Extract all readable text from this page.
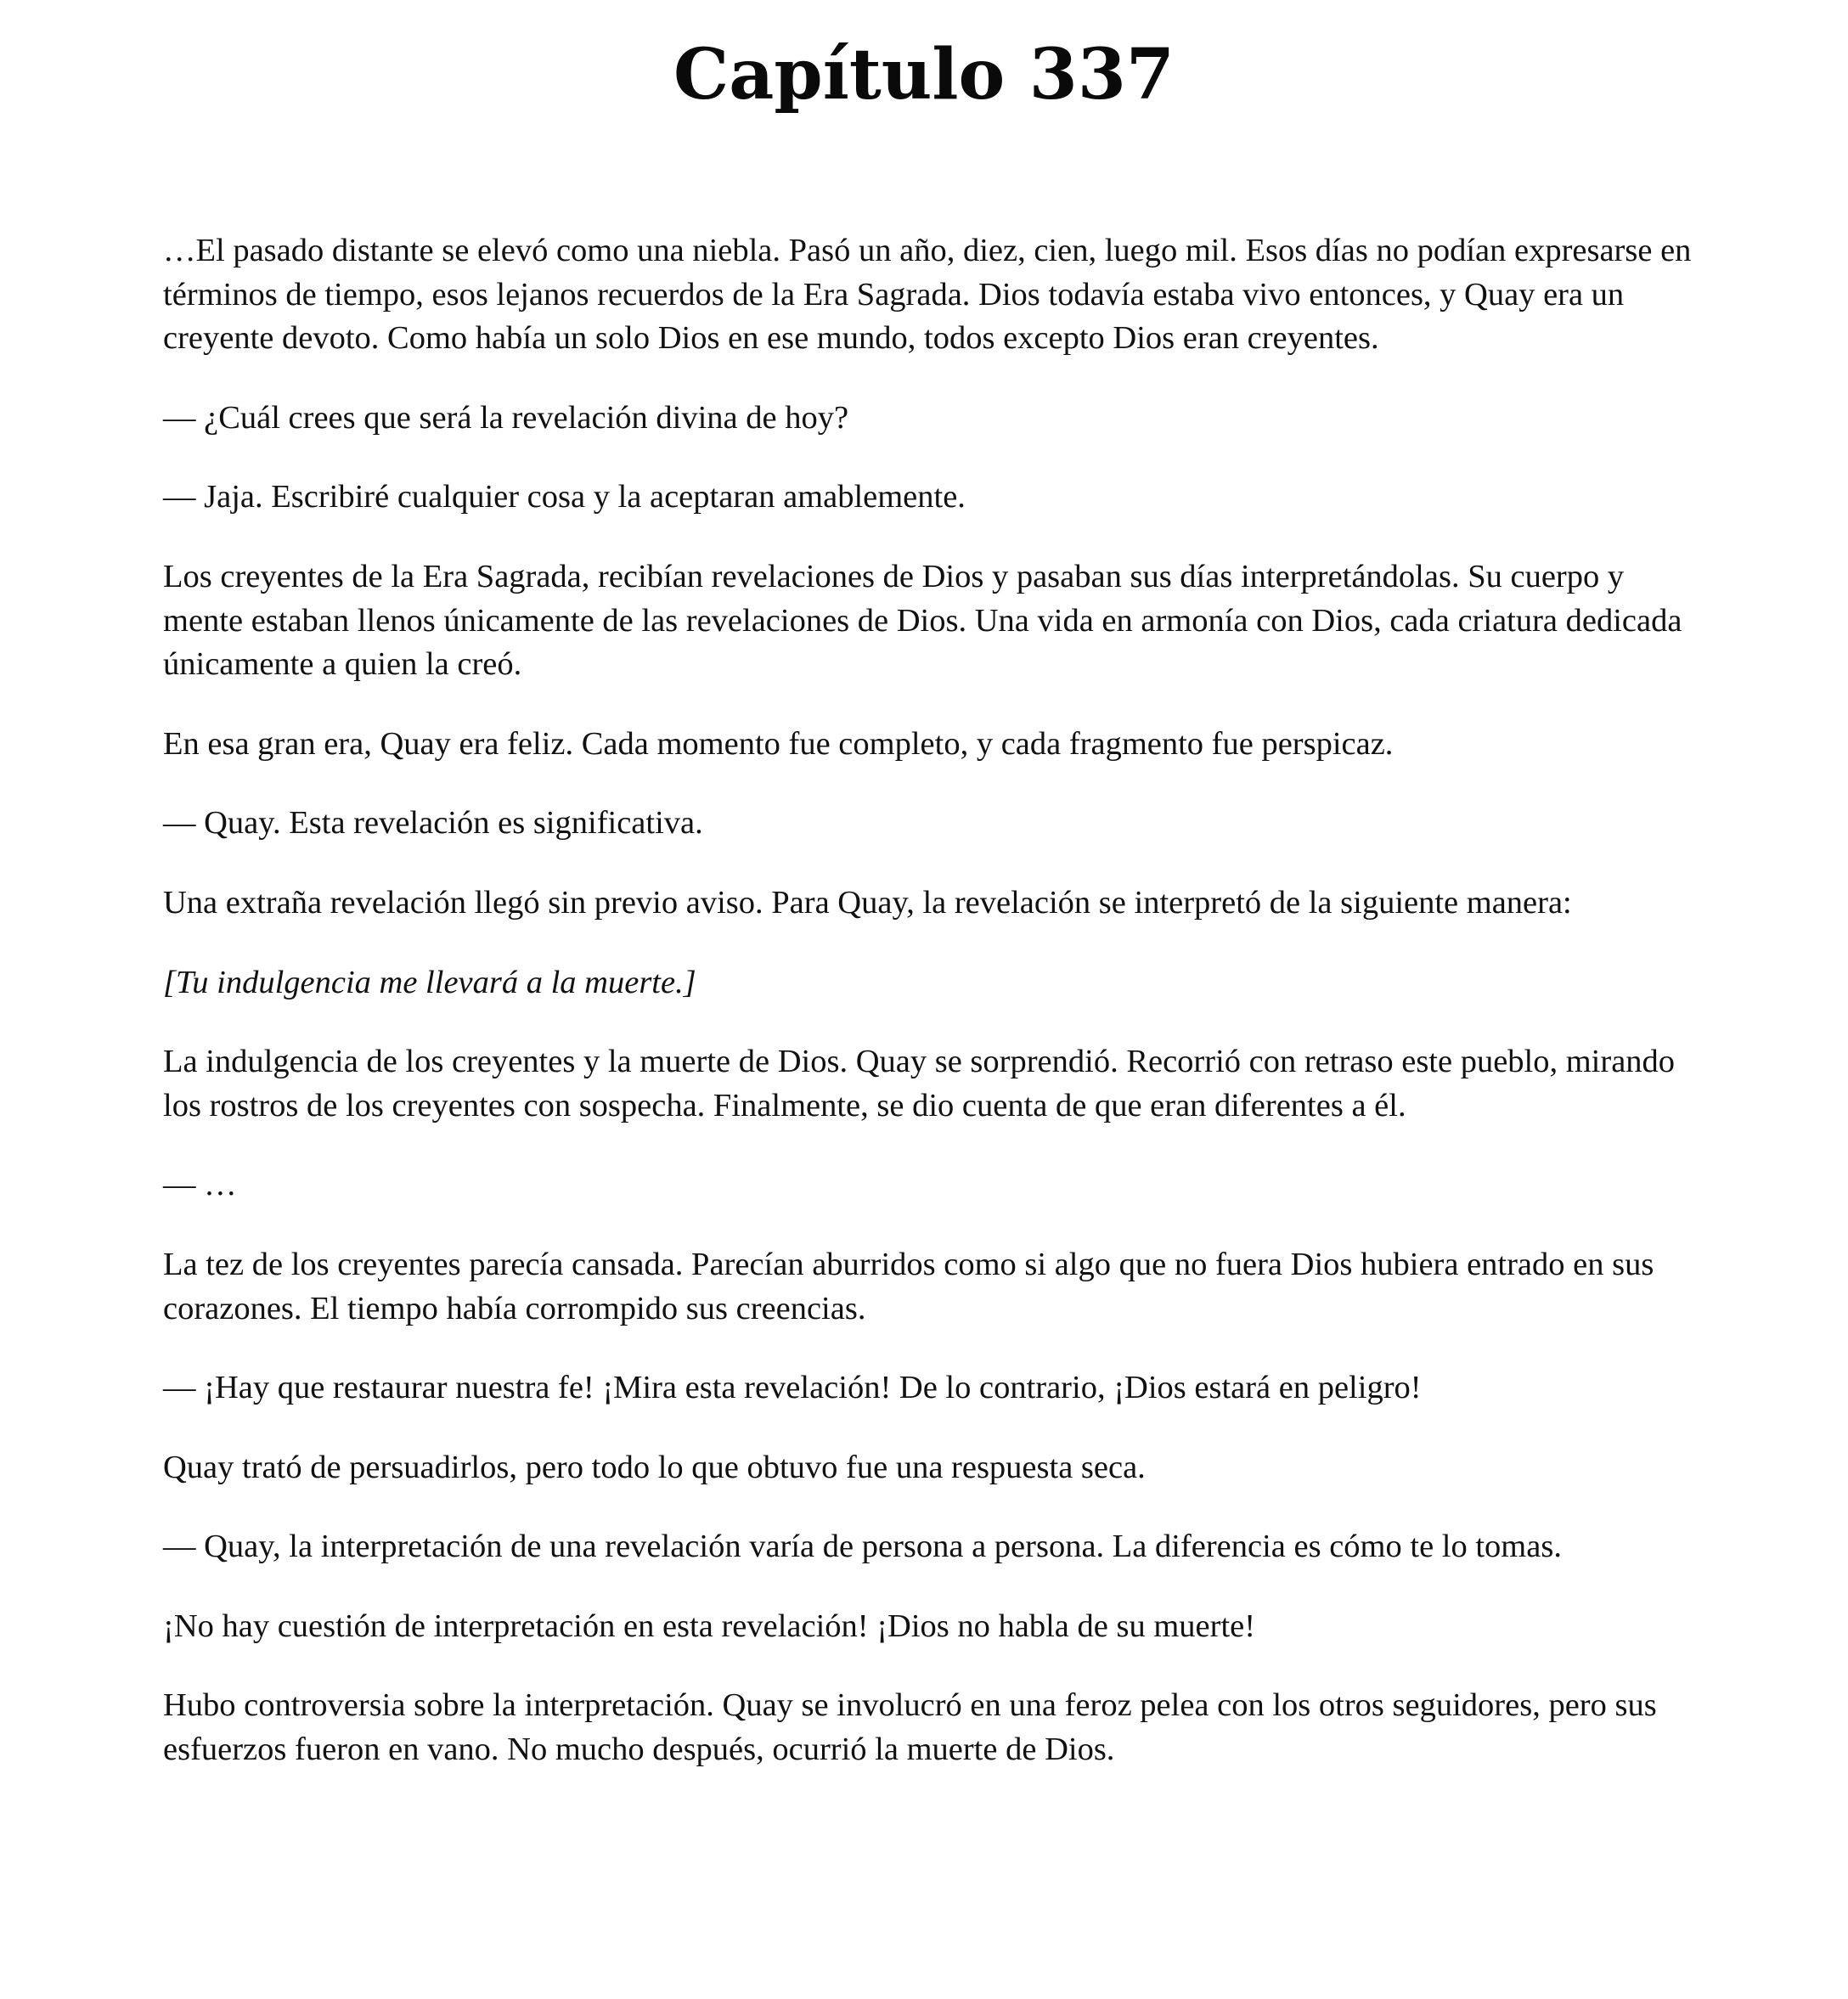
Capítulo 337

…El pasado distante se elevó como una niebla. Pasó un año, diez, cien, luego mil. Esos días no podían expresarse en términos de tiempo, esos lejanos recuerdos de la Era Sagrada. Dios todavía estaba vivo entonces, y Quay era un creyente devoto. Como había un solo Dios en ese mundo, todos excepto Dios eran creyentes.

— ¿Cuál crees que será la revelación divina de hoy?

— Jaja. Escribiré cualquier cosa y la aceptaran amablemente.

Los creyentes de la Era Sagrada, recibían revelaciones de Dios y pasaban sus días interpretándolas. Su cuerpo y mente estaban llenos únicamente de las revelaciones de Dios. Una vida en armonía con Dios, cada criatura dedicada únicamente a quien la creó.

En esa gran era, Quay era feliz. Cada momento fue completo, y cada fragmento fue perspicaz.

— Quay. Esta revelación es significativa.

Una extraña revelación llegó sin previo aviso. Para Quay, la revelación se interpretó de la siguiente manera:

[Tu indulgencia me llevará a la muerte.]

La indulgencia de los creyentes y la muerte de Dios. Quay se sorprendió. Recorrió con retraso este pueblo, mirando los rostros de los creyentes con sospecha. Finalmente, se dio cuenta de que eran diferentes a él.

— …

La tez de los creyentes parecía cansada. Parecían aburridos como si algo que no fuera Dios hubiera entrado en sus corazones. El tiempo había corrompido sus creencias.

— ¡Hay que restaurar nuestra fe! ¡Mira esta revelación! De lo contrario, ¡Dios estará en peligro!

Quay trató de persuadirlos, pero todo lo que obtuvo fue una respuesta seca.

— Quay, la interpretación de una revelación varía de persona a persona. La diferencia es cómo te lo tomas.

¡No hay cuestión de interpretación en esta revelación! ¡Dios no habla de su muerte!

Hubo controversia sobre la interpretación. Quay se involucró en una feroz pelea con los otros seguidores, pero sus esfuerzos fueron en vano. No mucho después, ocurrió la muerte de Dios.
